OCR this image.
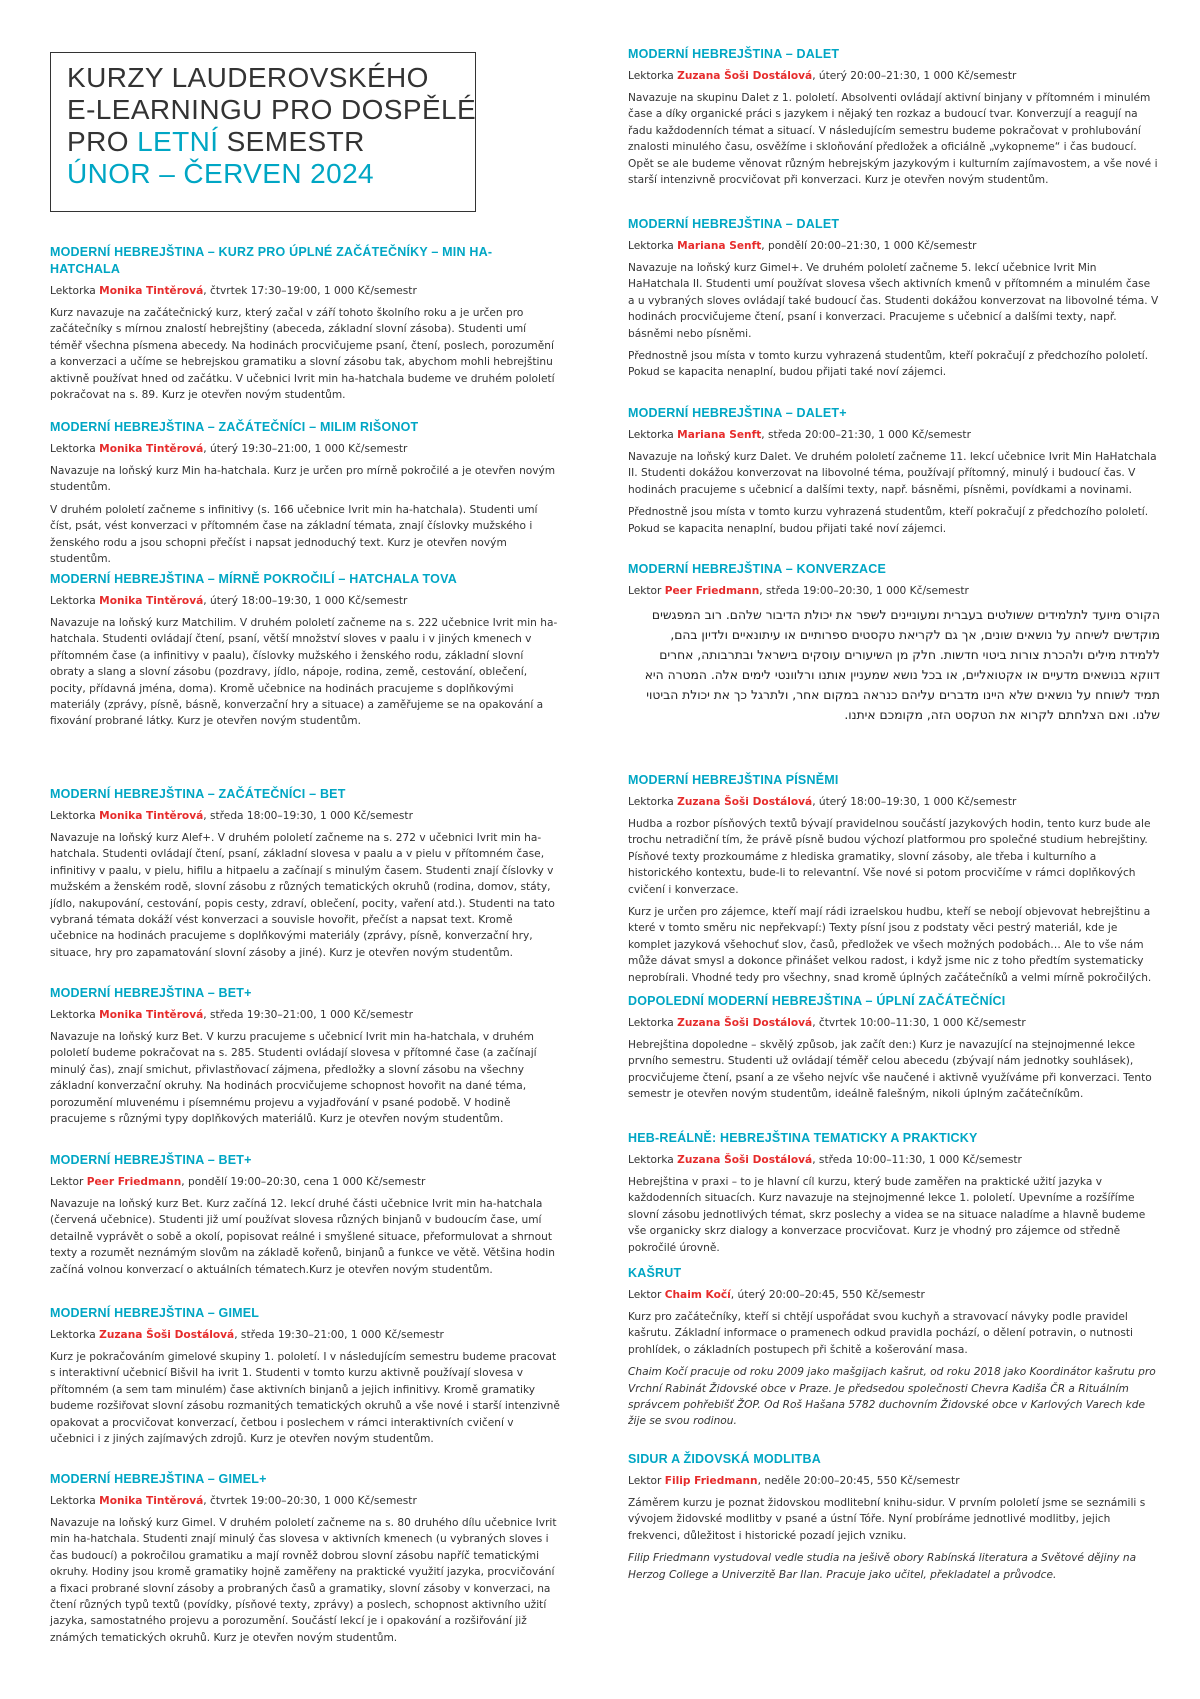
KURZY LAUDEROVSKÉHO
E-LEARNINGU PRO DOSPĚLÉ
PRO LETNÍ SEMESTR
ÚNOR – ČERVEN 2024
MODERNÍ HEBREJŠTINA – KURZ PRO ÚPLNÉ ZAČÁTEČNÍKY – MIN HA-HATCHALA
Lektorka Monika Tintěrová, čtvrtek 17:30–19:00, 1 000 Kč/semestr

Kurz navazuje na začátečnický kurz, který začal v září tohoto školního roku a je určen pro začátečníky s mírnou znalostí hebrejštiny (abeceda, základní slovní zásoba). Studenti umí téměř všechna písmena abecedy. Na hodinách procvičujeme psaní, čtení, poslech, porozumění a konverzaci a učíme se hebrejskou gramatiku a slovní zásobu tak, abychom mohli hebrejštinu aktivně používat hned od začátku. V učebnici Ivrit min ha-hatchala budeme ve druhém pololetí pokračovat na s. 89. Kurz je otevřen novým studentům.

MODERNÍ HEBREJŠTINA – ZAČÁTEČNÍCI – MILIM RIŠONOT
Lektorka Monika Tintěrová, úterý 19:30–21:00, 1 000 Kč/semestr

Navazuje na loňský kurz Min ha-hatchala. Kurz je určen pro mírně pokročilé a je otevřen novým studentům.

V druhém pololetí začneme s infinitivy (s. 166 učebnice Ivrit min ha-hatchala). Studenti umí číst, psát, vést konverzaci v přítomném čase na základní témata, znají číslovky mužského i ženského rodu a jsou schopni přečíst i napsat jednoduchý text. Kurz je otevřen novým studentům.

MODERNÍ HEBREJŠTINA – MÍRNĚ POKROČILÍ – HATCHALA TOVA
Lektorka Monika Tintěrová, úterý 18:00–19:30, 1 000 Kč/semestr

Navazuje na loňský kurz Matchilim. V druhém pololetí začneme na s. 222 učebnice Ivrit min ha-hatchala. Studenti ovládají čtení, psaní, větší množství sloves v paalu i v jiných kmenech v přítomném čase (a infinitivy v paalu), číslovky mužského i ženského rodu, základní slovní obraty a slang a slovní zásobu (pozdravy, jídlo, nápoje, rodina, země, cestování, oblečení, pocity, přídavná jména, doma). Kromě učebnice na hodinách pracujeme s doplňkovými materiály (zprávy, písně, básně, konverzační hry a situace) a zaměřujeme se na opakování a fixování probrané látky. Kurz je otevřen novým studentům.

MODERNÍ HEBREJŠTINA – ZAČÁTEČNÍCI – BET
Lektorka Monika Tintěrová, středa 18:00–19:30, 1 000 Kč/semestr

Navazuje na loňský kurz Alef+. V druhém pololetí začneme na s. 272 v učebnici Ivrit min ha-hatchala. Studenti ovládají čtení, psaní, základní slovesa v paalu a v pielu v přítomném čase, infinitivy v paalu, v pielu, hifilu a hitpaelu a začínají s minulým časem. Studenti znají číslovky v mužském a ženském rodě, slovní zásobu z různých tematických okruhů (rodina, domov, státy, jídlo, nakupování, cestování, popis cesty, zdraví, oblečení, pocity, vaření atd.). Studenti na tato vybraná témata dokáží vést konverzaci a souvisle hovořit, přečíst a napsat text. Kromě učebnice na hodinách pracujeme s doplňkovými materiály (zprávy, písně, konverzační hry, situace, hry pro zapamatování slovní zásoby a jiné). Kurz je otevřen novým studentům.

MODERNÍ HEBREJŠTINA – BET+
Lektorka Monika Tintěrová, středa 19:30–21:00, 1 000 Kč/semestr

Navazuje na loňský kurz Bet. V kurzu pracujeme s učebnicí Ivrit min ha-hatchala, v druhém pololetí budeme pokračovat na s. 285. Studenti ovládají slovesa v přítomné čase (a začínají minulý čas), znají smichut, přivlastňovací zájmena, předložky a slovní zásobu na všechny základní konverzační okruhy. Na hodinách procvičujeme schopnost hovořit na dané téma, porozumění mluvenému i písemnému projevu a vyjadřování v psané podobě. V hodině pracujeme s různými typy doplňkových materiálů. Kurz je otevřen novým studentům.

MODERNÍ HEBREJŠTINA – BET+
Lektor Peer Friedmann, pondělí 19:00–20:30, cena 1 000 Kč/semestr

Navazuje na loňský kurz Bet. Kurz začíná 12. lekcí druhé části učebnice Ivrit min ha-hatchala (červená učebnice). Studenti již umí používat slovesa různých binjanů v budoucím čase, umí detailně vyprávět o sobě a okolí, popisovat reálné i smyšlené situace, přeformulovat a shrnout texty a rozumět neznámým slovům na základě kořenů, binjanů a funkce ve větě. Většina hodin začíná volnou konverzací o aktuálních tématech.Kurz je otevřen novým studentům.

MODERNÍ HEBREJŠTINA – GIMEL
Lektorka Zuzana Šoši Dostálová, středa 19:30–21:00, 1 000 Kč/semestr

Kurz je pokračováním gimelové skupiny 1. pololetí. I v následujícím semestru budeme pracovat s interaktivní učebnicí Bišvil ha ivrit 1. Studenti v tomto kurzu aktivně používají slovesa v přítomném (a sem tam minulém) čase aktivních binjanů a jejich infinitivy. Kromě gramatiky budeme rozšiřovat slovní zásobu rozmanitých tematických okruhů a vše nové i starší intenzivně opakovat a procvičovat konverzací, četbou i poslechem v rámci interaktivních cvičení v učebnici i z jiných zajímavých zdrojů. Kurz je otevřen novým studentům.

MODERNÍ HEBREJŠTINA – GIMEL+
Lektorka Monika Tintěrová, čtvrtek 19:00–20:30, 1 000 Kč/semestr

Navazuje na loňský kurz Gimel. V druhém pololetí začneme na s. 80 druhého dílu učebnice Ivrit min ha-hatchala. Studenti znají minulý čas slovesa v aktivních kmenech (u vybraných sloves i čas budoucí) a pokročilou gramatiku a mají rovněž dobrou slovní zásobu napříč tematickými okruhy. Hodiny jsou kromě gramatiky hojně zaměřeny na praktické využití jazyka, procvičování a fixaci probrané slovní zásoby a probraných časů a gramatiky, slovní zásoby v konverzaci, na čtení různých typů textů (povídky, písňové texty, zprávy) a poslech, schopnost aktivního užití jazyka, samostatného projevu a porozumění. Součástí lekcí je i opakování a rozšiřování již známých tematických okruhů. Kurz je otevřen novým studentům.

MODERNÍ HEBREJŠTINA – DALET
Lektorka Zuzana Šoši Dostálová, úterý 20:00–21:30, 1 000 Kč/semestr

Navazuje na skupinu Dalet z 1. pololetí. Absolventi ovládají aktivní binjany v přítomném i minulém čase a díky organické práci s jazykem i nějaký ten rozkaz a budoucí tvar. Konverzují a reagují na řadu každodenních témat a situací. V následujícím semestru budeme pokračovat v prohlubování znalosti minulého času, osvěžíme i skloňování předložek a oficiálně „vykopneme“ i čas budoucí. Opět se ale budeme věnovat různým hebrejským jazykovým i kulturním zajímavostem, a vše nové i starší intenzivně procvičovat při konverzaci. Kurz je otevřen novým studentům.

MODERNÍ HEBREJŠTINA – DALET
Lektorka Mariana Senft, pondělí 20:00–21:30, 1 000 Kč/semestr

Navazuje na loňský kurz Gimel+. Ve druhém pololetí začneme 5. lekcí učebnice Ivrit Min HaHatchala II. Studenti umí používat slovesa všech aktivních kmenů v přítomném a minulém čase a u vybraných sloves ovládají také budoucí čas. Studenti dokážou konverzovat na libovolné téma. V hodinách procvičujeme čtení, psaní i konverzaci. Pracujeme s učebnicí a dalšími texty, např. básněmi nebo písněmi.

Přednostně jsou místa v tomto kurzu vyhrazená studentům, kteří pokračují z předchozího pololetí. Pokud se kapacita nenaplní, budou přijati také noví zájemci.

MODERNÍ HEBREJŠTINA – DALET+
Lektorka Mariana Senft, středa 20:00–21:30, 1 000 Kč/semestr

Navazuje na loňský kurz Dalet. Ve druhém pololetí začneme 11. lekcí učebnice Ivrit Min HaHatchala II. Studenti dokážou konverzovat na libovolné téma, používají přítomný, minulý i budoucí čas. V hodinách pracujeme s učebnicí a dalšími texty, např. básněmi, písněmi, povídkami a novinami.

Přednostně jsou místa v tomto kurzu vyhrazená studentům, kteří pokračují z předchozího pololetí. Pokud se kapacita nenaplní, budou přijati také noví zájemci.

MODERNÍ HEBREJŠTINA – KONVERZACE
Lektor Peer Friedmann, středa 19:00–20:30, 1 000 Kč/semestr

הקורס מיועד לתלמידים ששולטים בעברית ומעוניינים לשפר את יכולת הדיבור שלהם. רוב המפגשים מוקדשים לשיחה על נושאים שונים, אך גם לקריאת טקסטים ספרותיים או עיתונאיים ולדיון בהם, ללמידת מילים ולהכרת צורות ביטוי חדשות. חלק מן השיעורים עוסקים בישראל ובתרבותה, אחרים דווקא בנושאים מדעיים או אקטואליים, או בכל נושא שמעניין אותנו ורלוונטי לימים אלה. המטרה היא תמיד לשוחח על נושאים שלא היינו מדברים עליהם כנראה במקום אחר, ולתרגל כך את יכולת הביטוי שלנו. ואם הצלחתם לקרוא את הטקסט הזה, מקומכם איתנו.

MODERNÍ HEBREJŠTINA PÍSNĚMI
Lektorka Zuzana Šoši Dostálová, úterý 18:00–19:30, 1 000 Kč/semestr

Hudba a rozbor písňových textů bývají pravidelnou součástí jazykových hodin, tento kurz bude ale trochu netradiční tím, že právě písně budou výchozí platformou pro společné studium hebrejštiny. Písňové texty prozkoumáme z hlediska gramatiky, slovní zásoby, ale třeba i kulturního a historického kontextu, bude-li to relevantní. Vše nové si potom procvičíme v rámci doplňkových cvičení i konverzace.

Kurz je určen pro zájemce, kteří mají rádi izraelskou hudbu, kteří se nebojí objevovat hebrejštinu a které v tomto směru nic nepřekvapí:) Texty písní jsou z podstaty věci pestrý materiál, kde je komplet jazyková všehochuť slov, časů, předložek ve všech možných podobách… Ale to vše nám může dávat smysl a dokonce přinášet velkou radost, i když jsme nic z toho předtím systematicky neprobírali. Vhodné tedy pro všechny, snad kromě úplných začátečníků a velmi mírně pokročilých.

DOPOLEDNÍ MODERNÍ HEBREJŠTINA – ÚPLNÍ ZAČÁTEČNÍCI
Lektorka Zuzana Šoši Dostálová, čtvrtek 10:00–11:30, 1 000 Kč/semestr

Hebrejština dopoledne – skvělý způsob, jak začít den:) Kurz je navazující na stejnojmenné lekce prvního semestru. Studenti už ovládají téměř celou abecedu (zbývají nám jednotky souhlásek), procvičujeme čtení, psaní a ze všeho nejvíc vše naučené i aktivně využíváme při konverzaci. Tento semestr je otevřen novým studentům, ideálně falešným, nikoli úplným začátečníkům.

HEB-REÁLNĚ: HEBREJŠTINA TEMATICKY A PRAKTICKY
Lektorka Zuzana Šoši Dostálová, středa 10:00–11:30, 1 000 Kč/semestr

Hebrejština v praxi – to je hlavní cíl kurzu, který bude zaměřen na praktické užití jazyka v každodenních situacích. Kurz navazuje na stejnojmenné lekce 1. pololetí. Upevníme a rozšíříme slovní zásobu jednotlivých témat, skrz poslechy a videa se na situace naladíme a hlavně budeme vše organicky skrz dialogy a konverzace procvičovat. Kurz je vhodný pro zájemce od středně pokročilé úrovně.

KAŠRUT
Lektor Chaim Kočí, úterý 20:00–20:45, 550 Kč/semestr

Kurz pro začátečníky, kteří si chtějí uspořádat svou kuchyň a stravovací návyky podle pravidel kašrutu. Základní informace o pramenech odkud pravidla pochází, o dělení potravin, o nutnosti prohlídek, o základních postupech při šchitě a košerování masa.

Chaim Kočí pracuje od roku 2009 jako mašgijach kašrut, od roku 2018 jako Koordinátor kašrutu pro Vrchní Rabinát Židovské obce v Praze. Je předsedou společnosti Chevra Kadiša ČR a Rituálním správcem pohřebišť ŽOP. Od Roš Hašana 5782 duchovním Židovské obce v Karlových Varech kde žije se svou rodinou.

SIDUR A ŽIDOVSKÁ MODLITBA
Lektor Filip Friedmann, neděle 20:00–20:45, 550 Kč/semestr

Záměrem kurzu je poznat židovskou modlitební knihu-sidur. V prvním pololetí jsme se seznámili s vývojem židovské modlitby v psané a ústní Tóře. Nyní probíráme jednotlivé modlitby, jejich frekvenci, důležitost i historické pozadí jejich vzniku.

Filip Friedmann vystudoval vedle studia na ješivě obory Rabínská literatura a Světové dějiny na Herzog College a Univerzitě Bar Ilan. Pracuje jako učitel, překladatel a průvodce.
